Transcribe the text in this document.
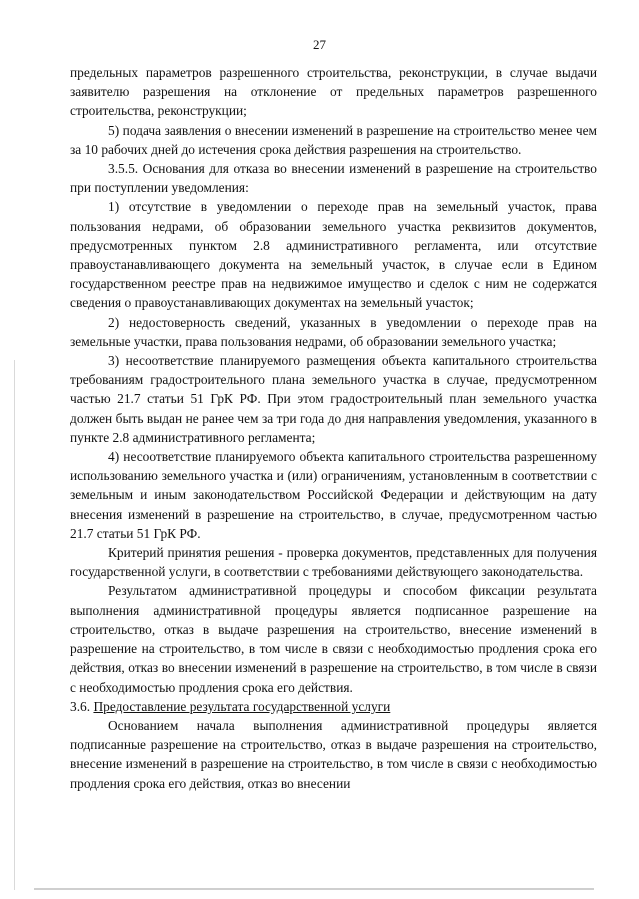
27

предельных параметров разрешенного строительства, реконструкции, в случае выдачи заявителю разрешения на отклонение от предельных параметров разрешенного строительства, реконструкции;

5) подача заявления о внесении изменений в разрешение на строительство менее чем за 10 рабочих дней до истечения срока действия разрешения на строительство.

3.5.5. Основания для отказа во внесении изменений в разрешение на строительство при поступлении уведомления:

1) отсутствие в уведомлении о переходе прав на земельный участок, права пользования недрами, об образовании земельного участка реквизитов документов, предусмотренных пунктом 2.8 административного регламента, или отсутствие правоустанавливающего документа на земельный участок, в случае если в Едином государственном реестре прав на недвижимое имущество и сделок с ним не содержатся сведения о правоустанавливающих документах на земельный участок;

2) недостоверность сведений, указанных в уведомлении о переходе прав на земельные участки, права пользования недрами, об образовании земельного участка;

3) несоответствие планируемого размещения объекта капитального строительства требованиям градостроительного плана земельного участка в случае, предусмотренном частью 21.7 статьи 51 ГрК РФ. При этом градостроительный план земельного участка должен быть выдан не ранее чем за три года до дня направления уведомления, указанного в пункте 2.8 административного регламента;

4) несоответствие планируемого объекта капитального строительства разрешенному использованию земельного участка и (или) ограничениям, установленным в соответствии с земельным и иным законодательством Российской Федерации и действующим на дату внесения изменений в разрешение на строительство, в случае, предусмотренном частью 21.7 статьи 51 ГрК РФ.

Критерий принятия решения - проверка документов, представленных для получения государственной услуги, в соответствии с требованиями действующего законодательства.

Результатом административной процедуры и способом фиксации результата выполнения административной процедуры является подписанное разрешение на строительство, отказ в выдаче разрешения на строительство, внесение изменений в разрешение на строительство, в том числе в связи с необходимостью продления срока его действия, отказ во внесении изменений в разрешение на строительство, в том числе в связи с необходимостью продления срока его действия.

3.6. Предоставление результата государственной услуги

Основанием начала выполнения административной процедуры является подписанные разрешение на строительство, отказ в выдаче разрешения на строительство, внесение изменений в разрешение на строительство, в том числе в связи с необходимостью продления срока его действия, отказ во внесении
